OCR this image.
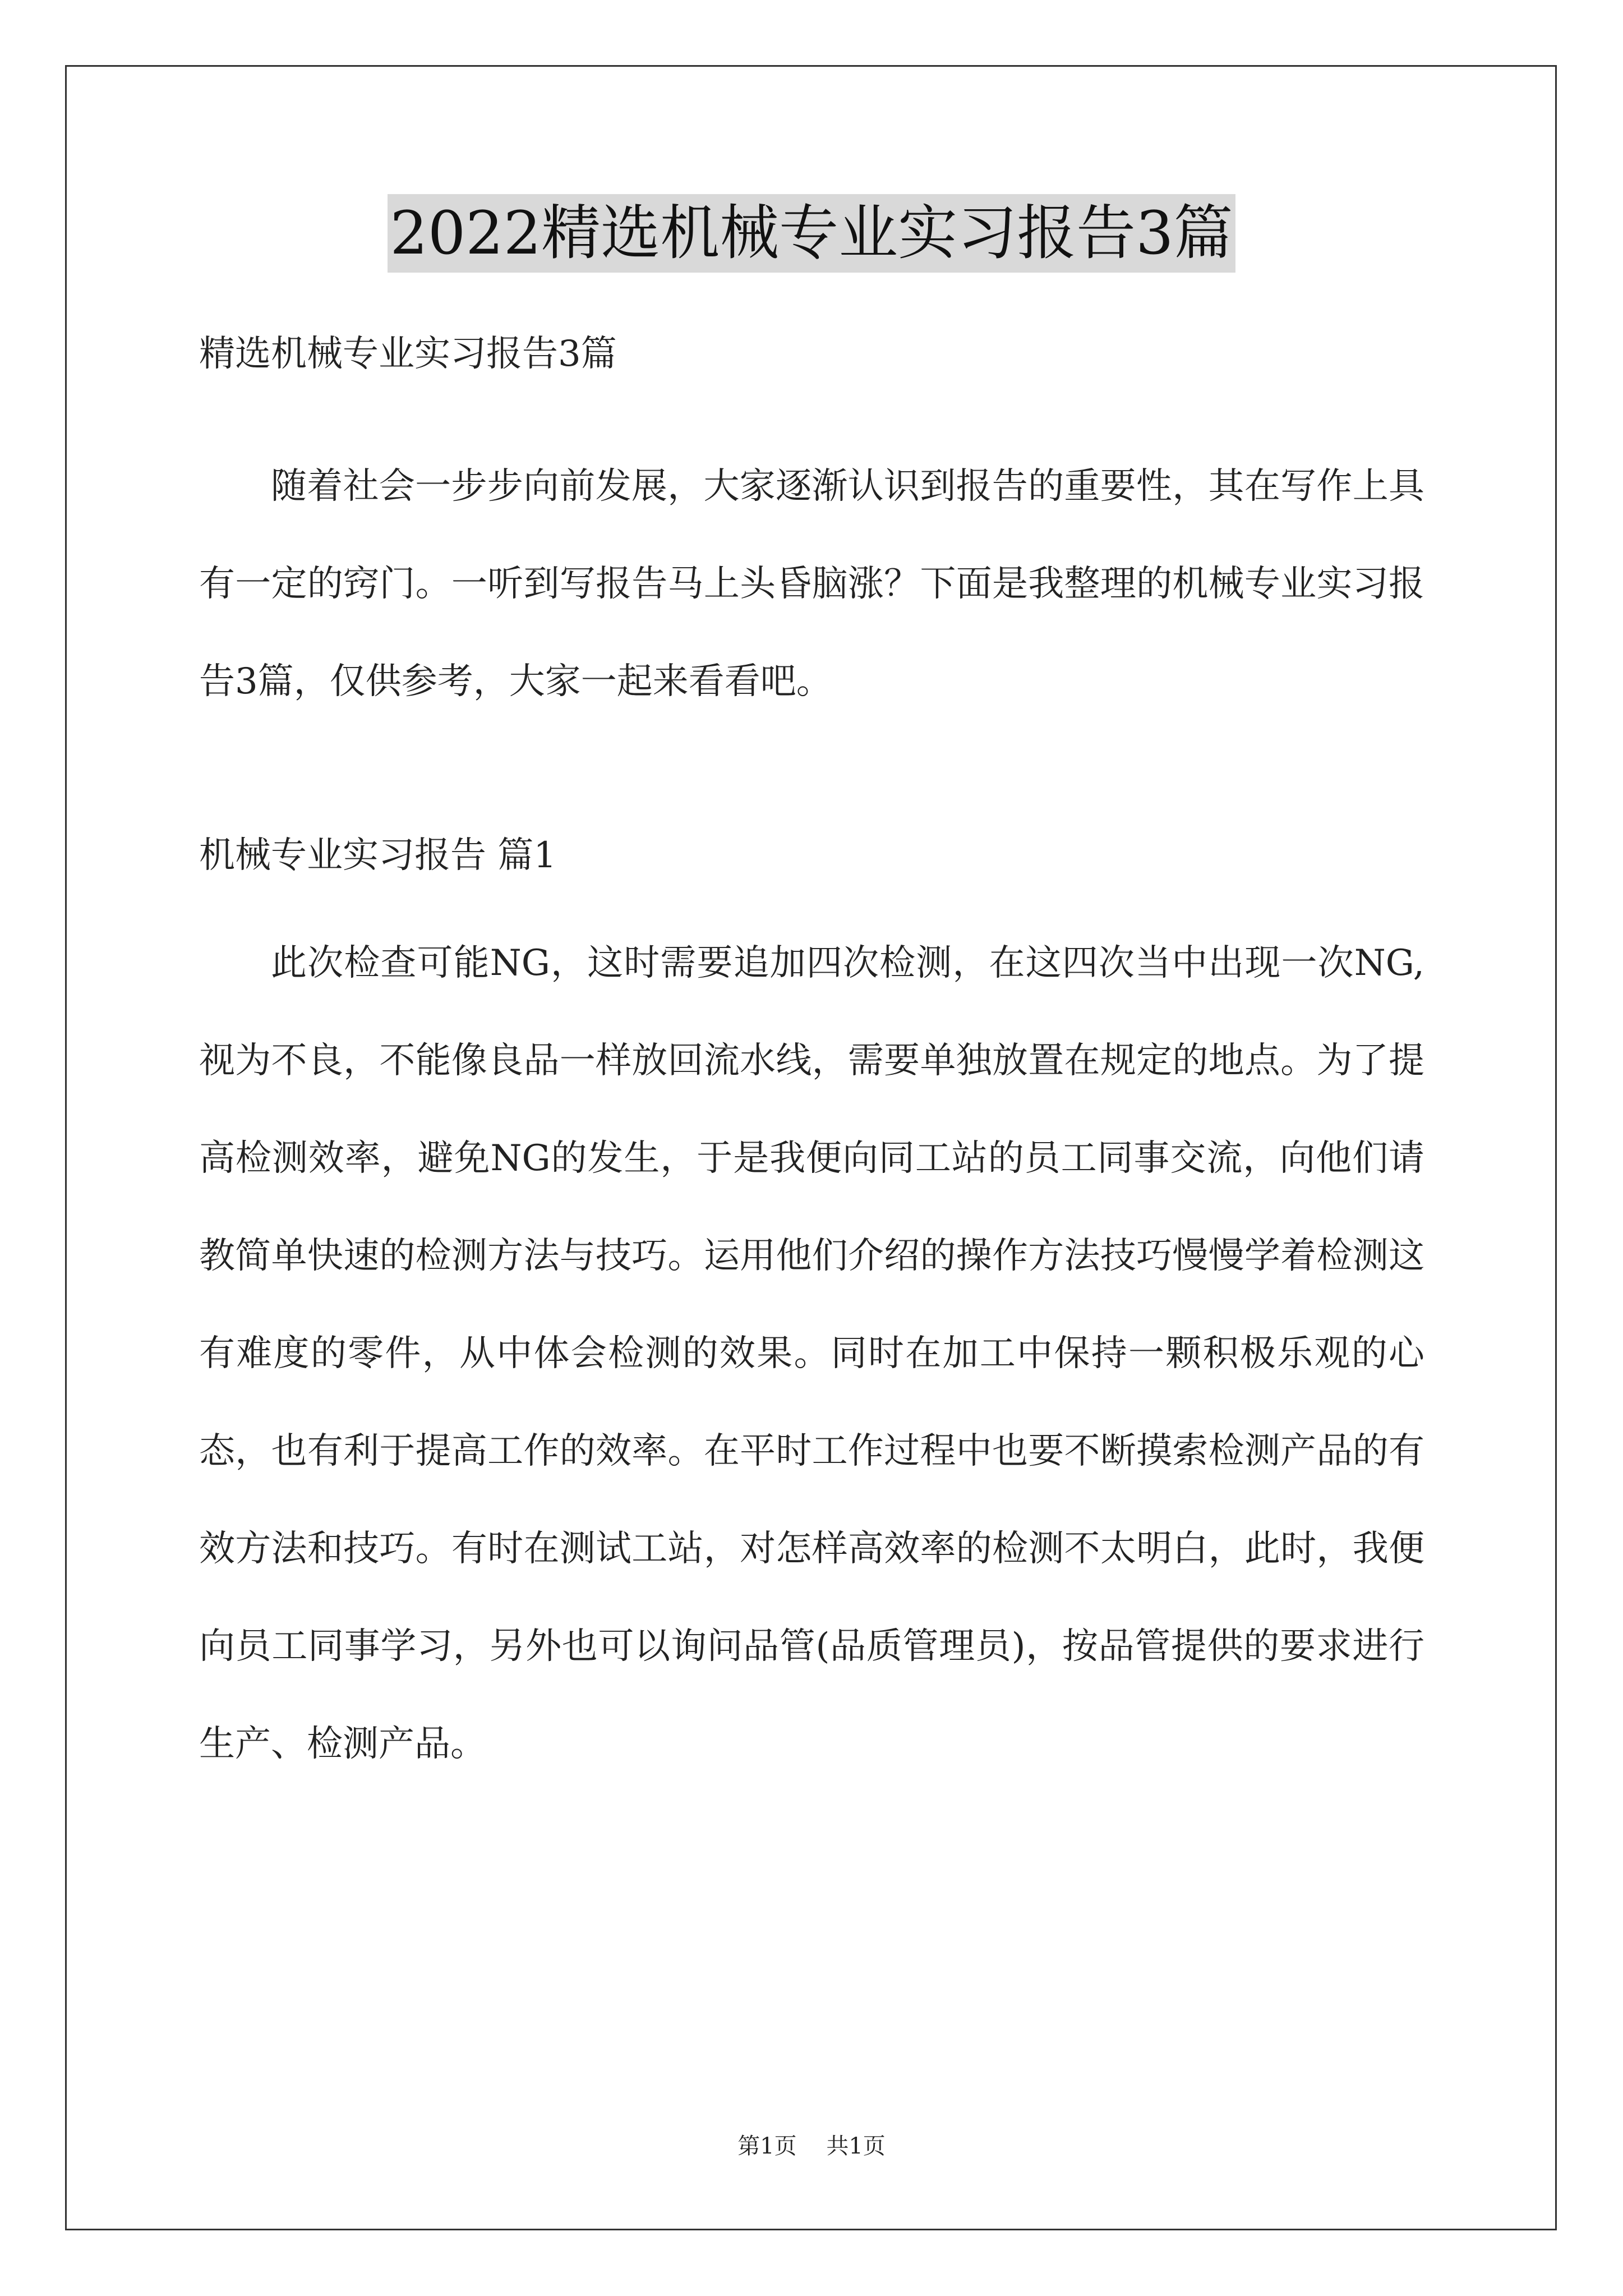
2022精选机械专业实习报告3篇

精选机械专业实习报告3篇

随着社会一步步向前发展，大家逐渐认识到报告的重要性，其在写作上具有一定的窍门。一听到写报告马上头昏脑涨？下面是我整理的机械专业实习报告3篇，仅供参考，大家一起来看看吧。

机械专业实习报告 篇1

此次检查可能NG，这时需要追加四次检测，在这四次当中出现一次NG,视为不良，不能像良品一样放回流水线，需要单独放置在规定的地点。为了提高检测效率，避免NG的发生，于是我便向同工站的员工同事交流，向他们请教简单快速的检测方法与技巧。运用他们介绍的操作方法技巧慢慢学着检测这有难度的零件，从中体会检测的效果。同时在加工中保持一颗积极乐观的心态，也有利于提高工作的效率。在平时工作过程中也要不断摸索检测产品的有效方法和技巧。有时在测试工站，对怎样高效率的检测不太明白，此时，我便向员工同事学习，另外也可以询问品管(品质管理员)，按品管提供的要求进行生产、检测产品。

第1页 共1页
